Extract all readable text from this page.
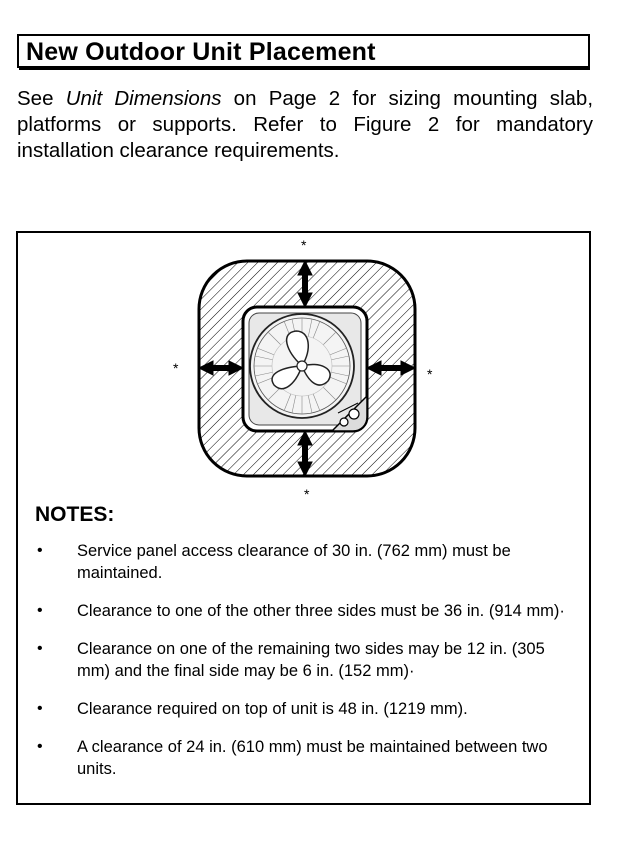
New Outdoor Unit Placement

See Unit Dimensions on Page 2 for sizing mounting slab, platforms or supports. Refer to Figure 2 for mandatory installation clearance requirements.

*
*	*
*
NOTES:
• Service panel access clearance of 30 in. (762 mm) must be maintained.
• Clearance to one of the other three sides must be 36 in. (914 mm)·
• Clearance on one of the remaining two sides may be 12 in. (305 mm) and the final side may be 6 in. (152 mm)·
• Clearance required on top of unit is 48 in. (1219 mm).
• A clearance of 24 in. (610 mm) must be maintained between two units.
